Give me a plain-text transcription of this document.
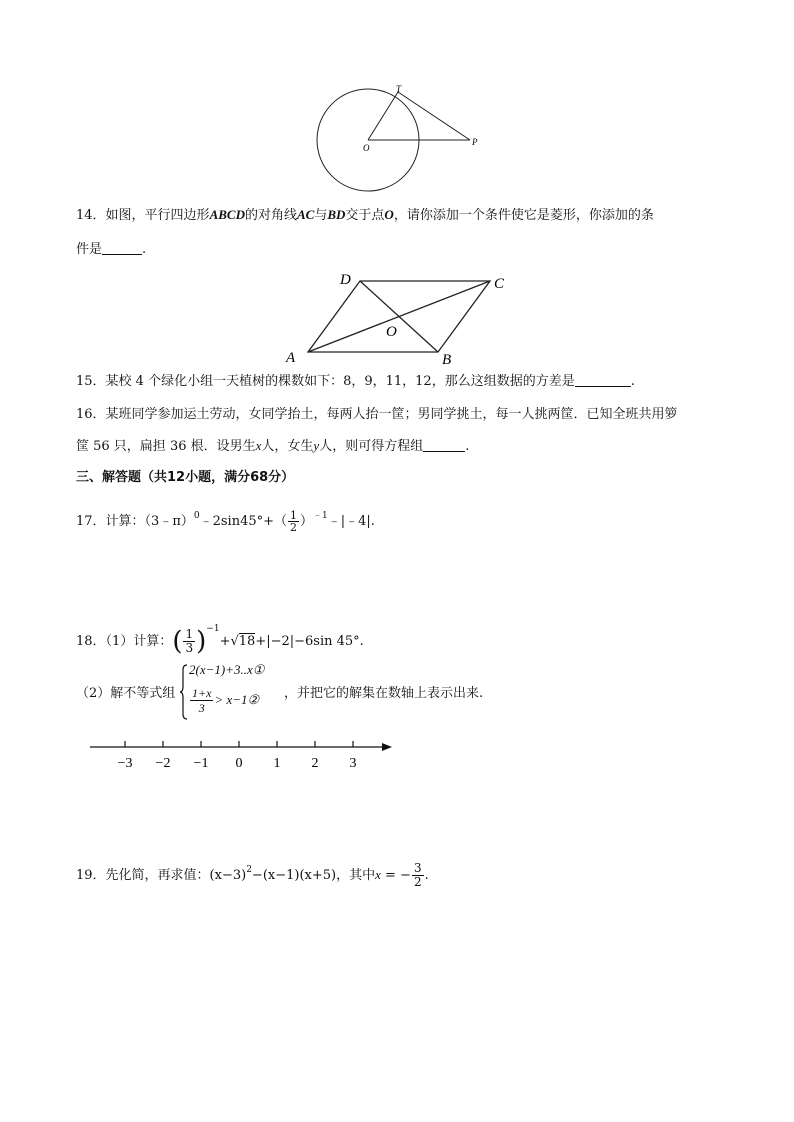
T
O
P
14．如图，平行四边形ABCD的对角线AC与BD交于点O，请你添加一个条件使它是菱形，你添加的条
件是	.
A	B
C
D
O
15．某校 4 个绿化小组一天植树的棵数如下：8，9，11，12，那么这组数据的方差是	.
16．某班同学参加运土劳动，女同学抬土，每两人抬一筐；男同学挑土，每一人挑两筐．已知全班共用箩
筐 56 只，扁担 36 根．设男生x人，女生y人，则可得方程组	.
三、解答题（共12小题，满分68分）
17．计算：（3﹣π）$^0$﹣2sin45°+（ $\frac{1}{2}$ ）$^{﹣1}$﹣|﹣4|.
18．（1）计算：( $\frac{1}{3} )^{-1}+√18+|-2|-6\sin$ 45°.
（2）解不等式组
2(x−1)+3..x①
$\frac{1+x}{3}$ > x−1② ，并把它的解集在数轴上表示出来.
−3 −2 −1 0 1 2 3
19．先化简，再求值：$(x-3)^2-(x-1)(x+5)$，其中x = − $\frac{3}{2}$ .
